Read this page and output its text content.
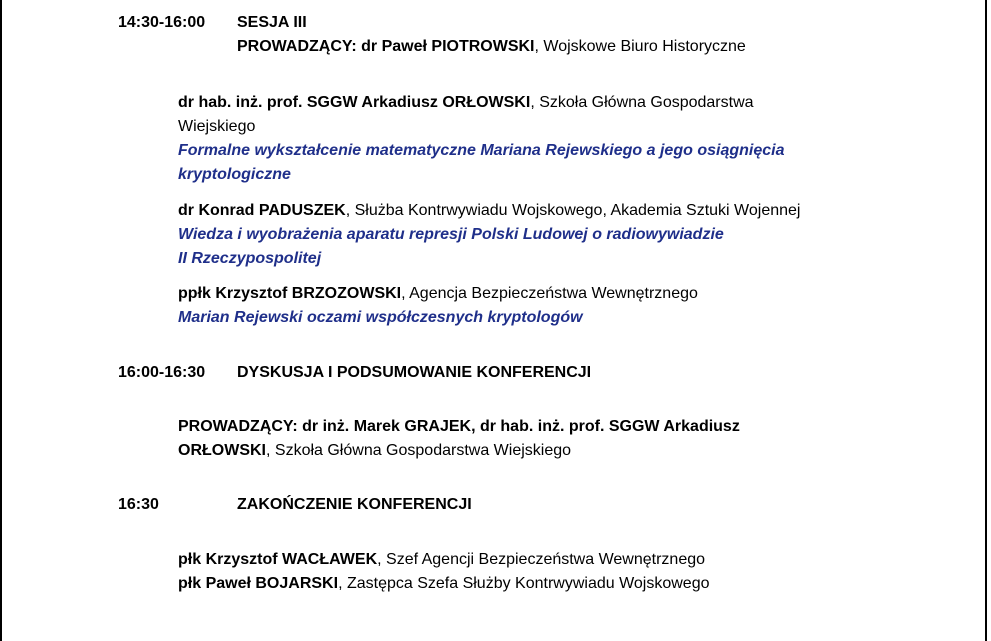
14:30-16:00 SESJA III
PROWADZĄCY: dr Paweł PIOTROWSKI, Wojskowe Biuro Historyczne
dr hab. inż. prof. SGGW Arkadiusz ORŁOWSKI, Szkoła Główna Gospodarstwa
Wiejskiego
Formalne wykształcenie matematyczne Mariana Rejewskiego a jego osiągnięcia
kryptologiczne
dr Konrad PADUSZEK, Służba Kontrwywiadu Wojskowego, Akademia Sztuki Wojennej
Wiedza i wyobrażenia aparatu represji Polski Ludowej o radiowywiadzie
II Rzeczypospolitej
ppłk Krzysztof BRZOZOWSKI, Agencja Bezpieczeństwa Wewnętrznego
Marian Rejewski oczami współczesnych kryptologów
16:00-16:30 DYSKUSJA I PODSUMOWANIE KONFERENCJI
PROWADZĄCY: dr inż. Marek GRAJEK, dr hab. inż. prof. SGGW Arkadiusz
ORŁOWSKI, Szkoła Główna Gospodarstwa Wiejskiego
16:30	ZAKOŃCZENIE KONFERENCJI
płk Krzysztof WACŁAWEK, Szef Agencji Bezpieczeństwa Wewnętrznego
płk Paweł BOJARSKI, Zastępca Szefa Służby Kontrwywiadu Wojskowego
